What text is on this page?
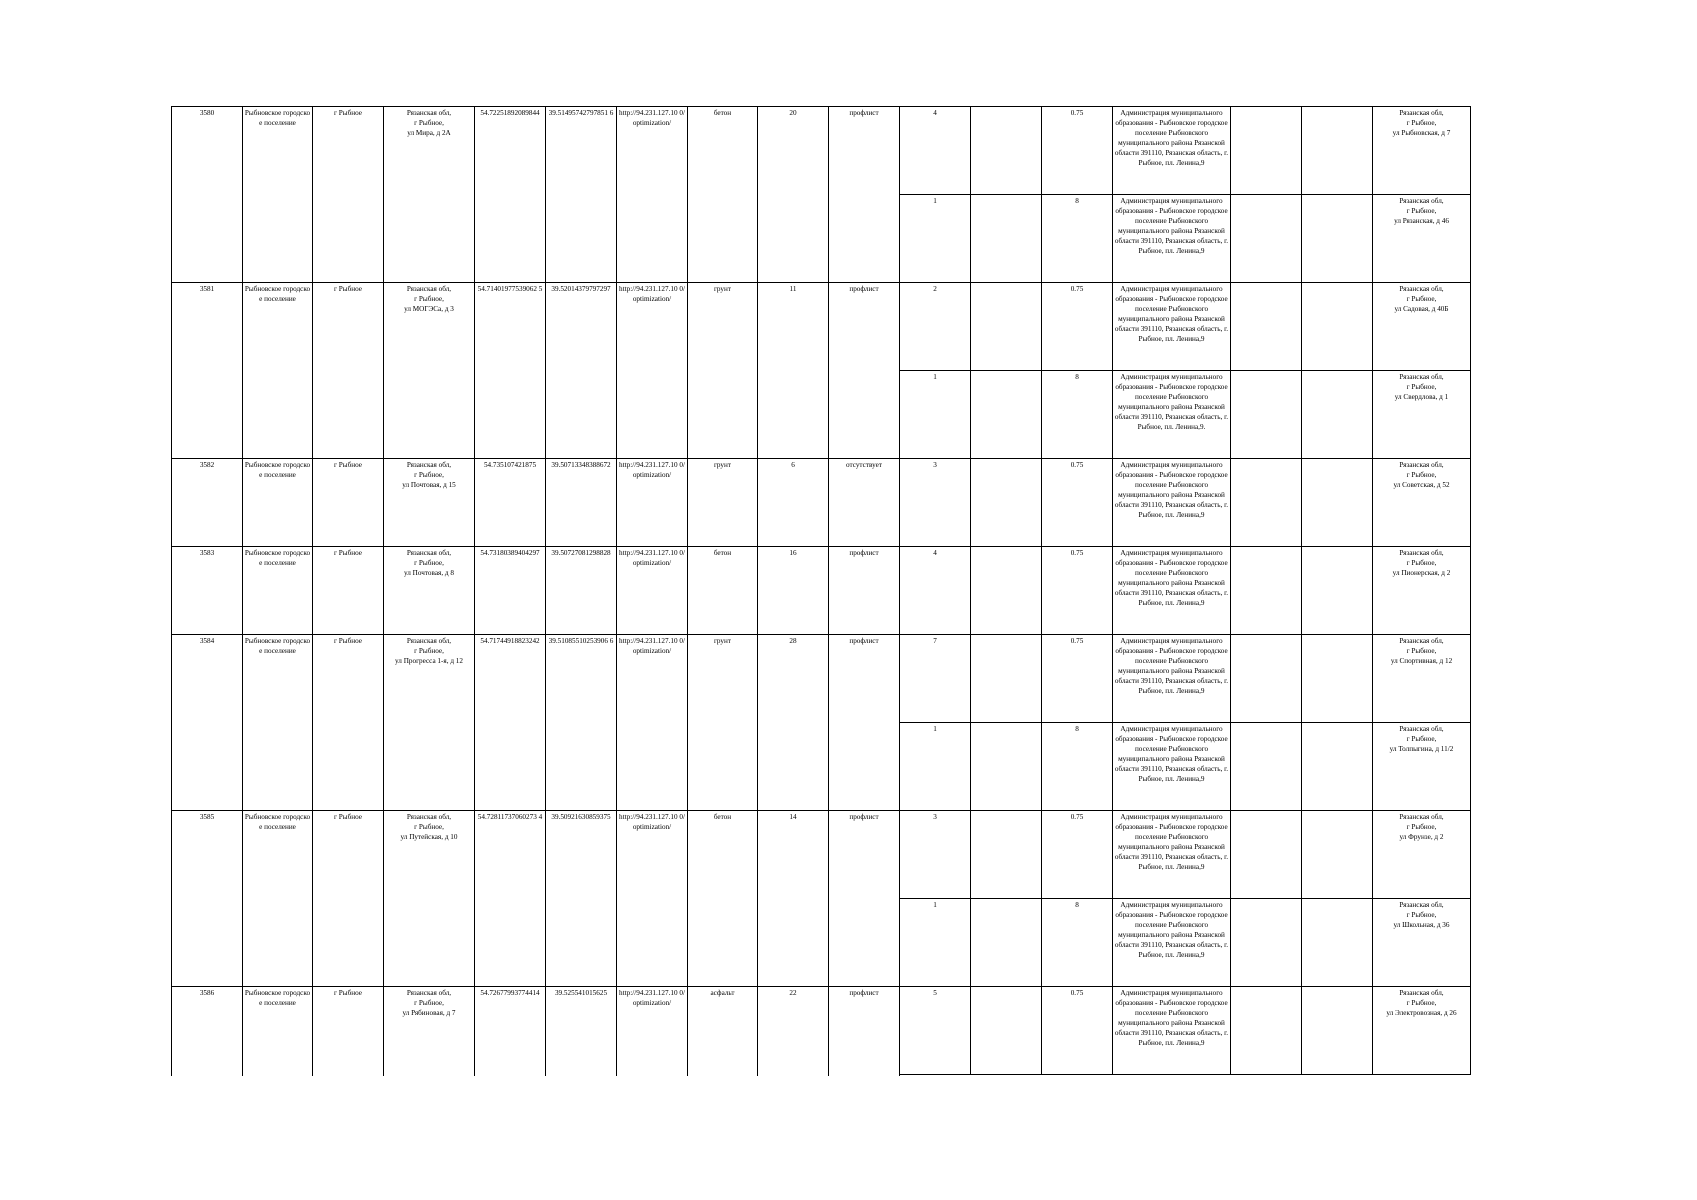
3580	Рыбновское городское поселение	г Рыбное	Рязанская обл,
г Рыбное,
ул Мира, д 2А	54.72251892089844	39.51495742797851 6	http://94.231.127.10 0/optimization/	бетон	20	профлист	4		0.75	Администрация муниципального образования - Рыбновское городское поселение Рыбновского муниципального района Рязанской области 391110, Рязанская область, г. Рыбное, пл. Ленина,9			Рязанская обл,
г Рыбное,
ул Рыбновская, д 7
										1		8	Администрация муниципального образования - Рыбновское городское поселение Рыбновского муниципального района Рязанской области 391110, Рязанская область, г. Рыбное, пл. Ленина,9			Рязанская обл,
г Рыбное,
ул Рязанская, д 46
3581	Рыбновское городское поселение	г Рыбное	Рязанская обл,
г Рыбное,
ул МОГЭСа, д 3	54.71401977539062 5	39.52014379797297	http://94.231.127.10 0/optimization/	грунт	11	профлист	2		0.75	Администрация муниципального образования - Рыбновское городское поселение Рыбновского муниципального района Рязанской области 391110, Рязанская область, г. Рыбное, пл. Ленина,9			Рязанская обл,
г Рыбное,
ул Садовая, д 40Б
										1		8	Администрация муниципального образования - Рыбновское городское поселение Рыбновского муниципального района Рязанской области 391110, Рязанская область, г. Рыбное, пл. Ленина,9.			Рязанская обл,
г Рыбное,
ул Свердлова, д 1
3582	Рыбновское городское поселение	г Рыбное	Рязанская обл,
г Рыбное,
ул Почтовая, д 15	54.735107421875	39.50713348388672	http://94.231.127.10 0/optimization/	грунт	6	отсутствует	3		0.75	Администрация муниципального образования - Рыбновское городское поселение Рыбновского муниципального района Рязанской области 391110, Рязанская область, г. Рыбное, пл. Ленина,9			Рязанская обл,
г Рыбное,
ул Советская, д 52
3583	Рыбновское городское поселение	г Рыбное	Рязанская обл,
г Рыбное,
ул Почтовая, д 8	54.73180389404297	39.50727081298828	http://94.231.127.10 0/optimization/	бетон	16	профлист	4		0.75	Администрация муниципального образования - Рыбновское городское поселение Рыбновского муниципального района Рязанской области 391110, Рязанская область, г. Рыбное, пл. Ленина,9			Рязанская обл,
г Рыбное,
ул Пионерская, д 2
3584	Рыбновское городское поселение	г Рыбное	Рязанская обл,
г Рыбное,
ул Прогресса 1-я, д 12	54.71744918823242	39.51085510253906 6	http://94.231.127.10 0/optimization/	грунт	28	профлист	7		0.75	Администрация муниципального образования - Рыбновское городское поселение Рыбновского муниципального района Рязанской области 391110, Рязанская область, г. Рыбное, пл. Ленина,9			Рязанская обл,
г Рыбное,
ул Спортивная, д 12
										1		8	Администрация муниципального образования - Рыбновское городское поселение Рыбновского муниципального района Рязанской области 391110, Рязанская область, г. Рыбное, пл. Ленина,9			Рязанская обл,
г Рыбное,
ул Толпыгина, д 11/2
3585	Рыбновское городское поселение	г Рыбное	Рязанская обл,
г Рыбное,
ул Путейская, д 10	54.72811737060273 4	39.50921630859375	http://94.231.127.10 0/optimization/	бетон	14	профлист	3		0.75	Администрация муниципального образования - Рыбновское городское поселение Рыбновского муниципального района Рязанской области 391110, Рязанская область, г. Рыбное, пл. Ленина,9			Рязанская обл,
г Рыбное,
ул Фрунзе, д 2
										1		8	Администрация муниципального образования - Рыбновское городское поселение Рыбновского муниципального района Рязанской области 391110, Рязанская область, г. Рыбное, пл. Ленина,9			Рязанская обл,
г Рыбное,
ул Школьная, д 36
3586	Рыбновское городское поселение	г Рыбное	Рязанская обл,
г Рыбное,
ул Рябиновая, д 7	54.72677993774414	39.525541015625	http://94.231.127.10 0/optimization/	асфальт	22	профлист	5		0.75	Администрация муниципального образования - Рыбновское городское поселение Рыбновского муниципального района Рязанской области 391110, Рязанская область, г. Рыбное, пл. Ленина,9			Рязанская обл,
г Рыбное,
ул Электровозная, д 26
